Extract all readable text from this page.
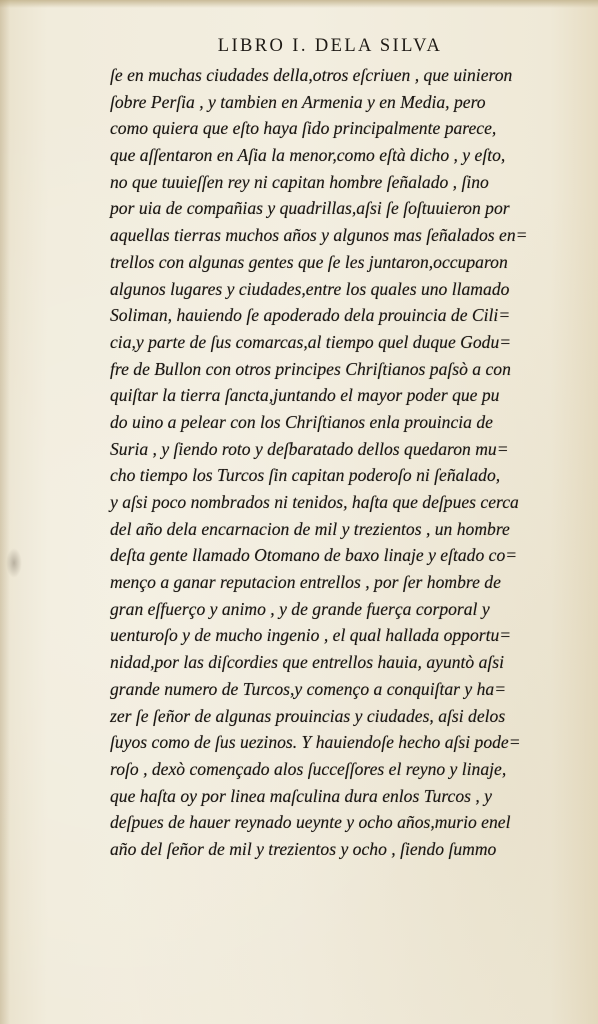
LIBRO I. DELA SILVA
ſe en muchas ciudades della,otros eſcriuen , que uinieron
ſobre Perſia , y tambien en Armenia y en Media, pero
como quiera que eſto haya ſido principalmente parece,
que aſſentaron en Aſia la menor,como eſtà dicho , y eſto,
no que tuuieſſen rey ni capitan hombre ſeñalado , ſino
por uia de compañias y quadrillas,aſsi ſe ſoſtuuieron por
aquellas tierras muchos años y algunos mas ſeñalados en=
trellos con algunas gentes que ſe les juntaron,occuparon
algunos lugares y ciudades,entre los quales uno llamado
Soliman, hauiendo ſe apoderado dela prouincia de Cili=
cia,y parte de ſus comarcas,al tiempo quel duque Godu=
fre de Bullon con otros principes Chriſtianos paſsò a con
quiſtar la tierra ſancta,juntando el mayor poder que pu
do uino a pelear con los Chriſtianos enla prouincia de
Suria , y ſiendo roto y deſbaratado dellos quedaron mu=
cho tiempo los Turcos ſin capitan poderoſo ni ſeñalado,
y aſsi poco nombrados ni tenidos, haſta que deſpues cerca
del año dela encarnacion de mil y trezientos , un hombre
deſta gente llamado Otomano de baxo linaje y eſtado co=
menço a ganar reputacion entrellos , por ſer hombre de
gran eſfuerço y animo , y de grande fuerça corporal y
uenturoſo y de mucho ingenio , el qual hallada opportu=
nidad,por las diſcordies que entrellos hauia, ayuntò aſsi
grande numero de Turcos,y començo a conquiſtar y ha=
zer ſe ſeñor de algunas prouincias y ciudades, aſsi delos
ſuyos como de ſus uezinos. Y hauiendoſe hecho aſsi pode=
roſo , dexò començado alos ſucceſſores el reyno y linaje,
que haſta oy por linea maſculina dura enlos Turcos , y
deſpues de hauer reynado ueynte y ocho años,murio enel
año del ſeñor de mil y trezientos y ocho , ſiendo ſummo
